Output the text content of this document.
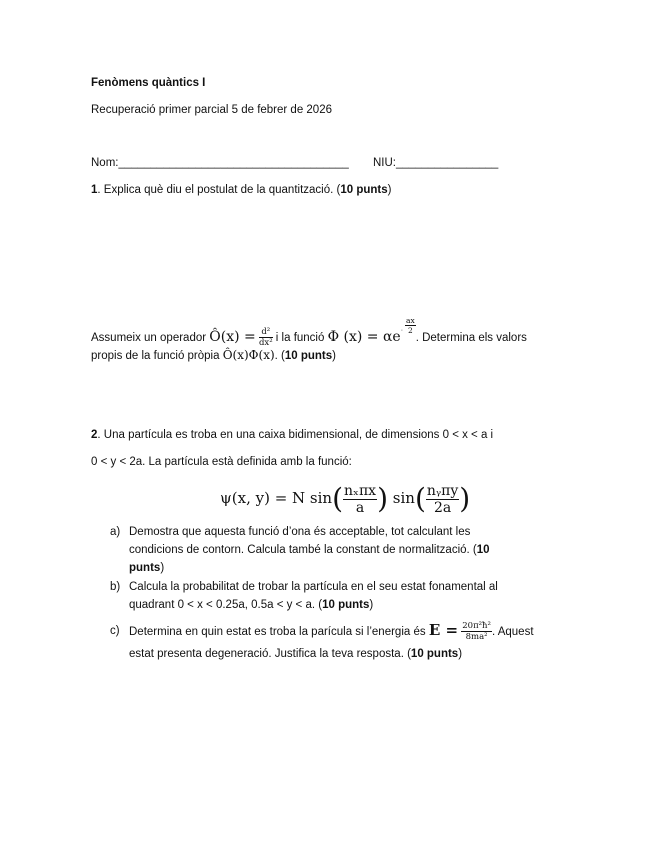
Fenòmens quàntics I
Recuperació primer parcial 5 de febrer de 2026
Nom:____________________________________ NIU:________________
1. Explica què diu el postulat de la quantització. (10 punts)
Assumeix un operador Ô(x) = $\frac{\text{d²}}{\text{dx²}}$ i la funció Φ $(x) = \alpha e^\cdot \frac{ax}{2}$
. Determina els valors
propis de la funció pròpia Ô(x)Φ(x). (10 punts)
2. Una partícula es troba en una caixa bidimensional, de dimensions 0 < x < a i
0 < y < 2a. La partícula està definida amb la funció:
ψ(x, y) = N $\sin( \frac{\text{nₓπx}}{a}$ ) $\sin( \frac{\text{nᵧπy}}{2a}$ )
a) Demostra que aquesta funció d’ona és acceptable, tot calculant les
condicions de contorn. Calcula també la constant de normalització. (10
punts)
b) Calcula la probabilitat de trobar la partícula en el seu estat fonamental al
quadrant 0 < x < 0.25a, 0.5a < y < a. (10 punts)
c) Determina en quin estat es troba la parícula si l’energia és $E = \frac{\text{20π²ħ²}}{\text{8ma²}}$ . Aquest
estat presenta degeneració. Justifica la teva resposta. (10 punts)
